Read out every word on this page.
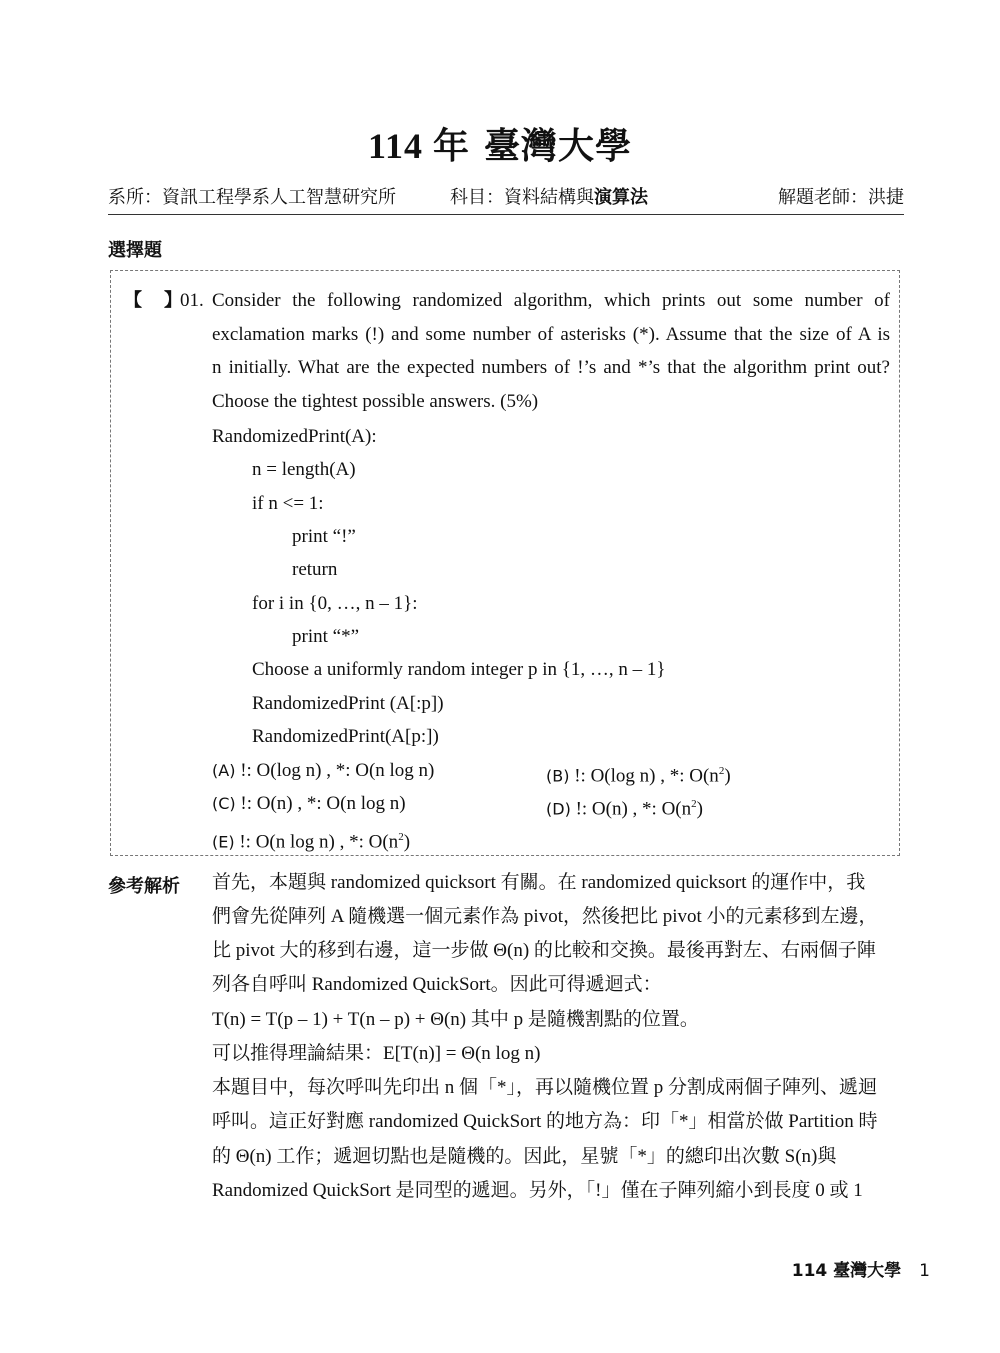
114 年 臺灣大學
系所：資訊工程學系人工智慧研究所	科目：資料結構與演算法	解題老師：洪捷
選擇題
【 】
01. Consider the following randomized algorithm, which prints out some number of
exclamation marks (!) and some number of asterisks (*). Assume that the size of A is
n initially. What are the expected numbers of !’s and *’s that the algorithm print out?
Choose the tightest possible answers. (5%)
RandomizedPrint(A):
n = length(A)
if n <= 1:
print “!”
return
for i in {0, …, n – 1}:
print “*”
Choose a uniformly random integer p in {1, …, n – 1}
RandomizedPrint (A[:p])
RandomizedPrint(A[p:])
(A) !: O(log n) , *: O(n log n)	(B) !: O(log n) , *: $O(n^2)$
(C) !: O(n) , *: O(n log n)	(D) !: O(n) , *: $O(n^2)$
(E) !: O(n log n) , *: $O(n^2)$
參考解析 首先，本題與 randomized quicksort 有關。在 randomized quicksort 的運作中，我
們會先從陣列 A 隨機選一個元素作為 pivot，然後把比 pivot 小的元素移到左邊，
比 pivot 大的移到右邊，這一步做 Θ(n) 的比較和交換。最後再對左、右兩個子陣
列各自呼叫 Randomized QuickSort。因此可得遞迴式：
T(n) = T(p – 1) + T(n – p) + Θ(n) 其中 p 是隨機割點的位置。
可以推得理論結果：E[T(n)] = Θ(n log n)
本題目中，每次呼叫先印出 n 個「*」，再以隨機位置 p 分割成兩個子陣列、遞迴
呼叫。這正好對應 randomized QuickSort 的地方為：印「*」相當於做 Partition 時
的 Θ(n) 工作；遞迴切點也是隨機的。因此，星號「*」的總印出次數 S(n)與
Randomized QuickSort 是同型的遞迴。另外，「!」僅在子陣列縮小到長度 0 或 1
114 臺灣大學 1
